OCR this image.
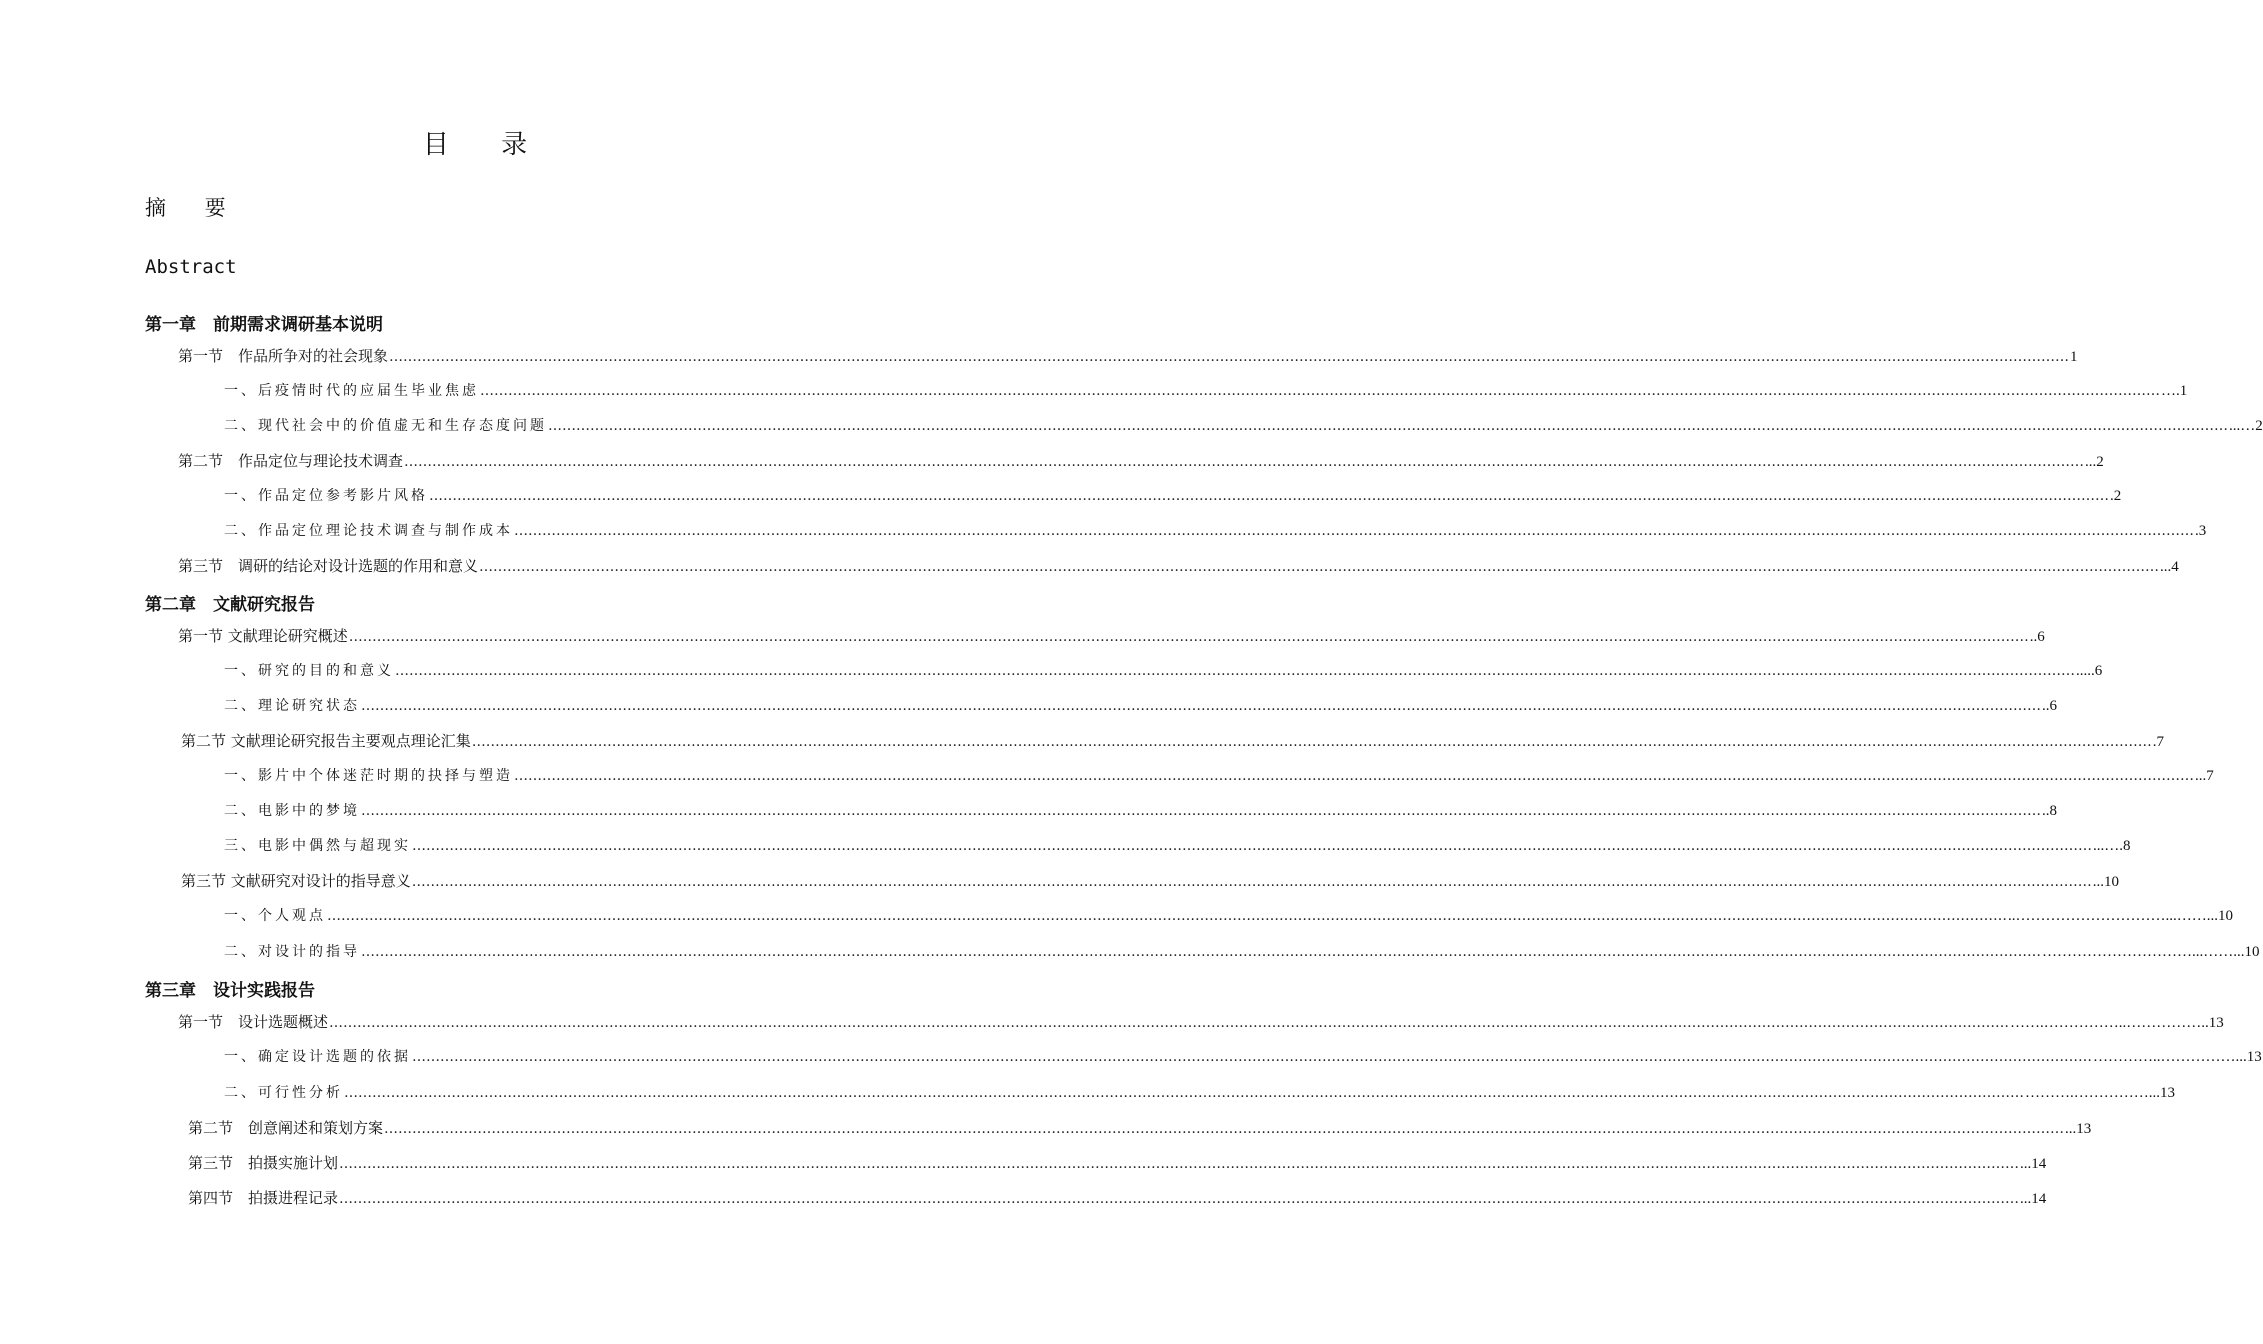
目 录
摘 要
Abstract
第一章　前期需求调研基本说明
第一节　作品所争对的社会现象 ……………………………………………………………………………………………………………………………………………………………………………………………………………………………………………………………………………………………………………………………… 1
一、后疫情时代的应届生毕业焦虑 ……………………………………………………………………………………………………………………………………………………………………………………………………………………………………………………………………………………………………………………………… ….1
二、现代社会中的价值虚无和生存态度问题 ……………………………………………………………………………………………………………………………………………………………………………………………………………………………………………………………………………………………………………………………… ...…2
第二节　作品定位与理论技术调查 ……………………………………………………………………………………………………………………………………………………………………………………………………………………………………………………………………………………………………………………………… ...2
一、作品定位参考影片风格 ……………………………………………………………………………………………………………………………………………………………………………………………………………………………………………………………………………………………………………………………… .2
二、作品定位理论技术调查与制作成本 ……………………………………………………………………………………………………………………………………………………………………………………………………………………………………………………………………………………………………………………………… .3
第三节　调研的结论对设计选题的作用和意义 ……………………………………………………………………………………………………………………………………………………………………………………………………………………………………………………………………………………………………………………………… ...4
第二章　文献研究报告
第一节 文献理论研究概述 ……………………………………………………………………………………………………………………………………………………………………………………………………………………………………………………………………………………………………………………………… ..6
一、研究的目的和意义 ……………………………………………………………………………………………………………………………………………………………………………………………………………………………………………………………………………………………………………………………… .....6
二、理论研究状态 ……………………………………………………………………………………………………………………………………………………………………………………………………………………………………………………………………………………………………………………………… ..6
第二节 文献理论研究报告主要观点理论汇集 ……………………………………………………………………………………………………………………………………………………………………………………………………………………………………………………………………………………………………………………………… .7
一、影片中个体迷茫时期的抉择与塑造 ……………………………………………………………………………………………………………………………………………………………………………………………………………………………………………………………………………………………………………………………… ...7
二、电影中的梦境 ……………………………………………………………………………………………………………………………………………………………………………………………………………………………………………………………………………………………………………………………… ..8
三、电影中偶然与超现实 ……………………………………………………………………………………………………………………………………………………………………………………………………………………………………………………………………………………………………………………………… ...….8
第三节 文献研究对设计的指导意义 ……………………………………………………………………………………………………………………………………………………………………………………………………………………………………………………………………………………………………………………………… ...10
一、个人观点 ……………………………………………………………………………………………………………………………………………………………………………………………………………………………………………………………………………………………………………………………… ..…………………………...……...10
二、对设计的指导 ……………………………………………………………………………………………………………………………………………………………………………………………………………………………………………………………………………………………………………………………… …………………………...……...10
第三章　设计实践报告
第一节　设计选题概述 ……………………………………………………………………………………………………………………………………………………………………………………………………………………………………………………………………………………………………………………………… …….……………..……………..13
一、确定设计选题的依据 ……………………………………………………………………………………………………………………………………………………………………………………………………………………………………………………………………………………………………………………………… …………..……………...13
二、可行性分析 ……………………………………………………………………………………………………………………………………………………………………………………………………………………………………………………………………………………………………………………………… ……….……………...13
第二节　创意阐述和策划方案 ……………………………………………………………………………………………………………………………………………………………………………………………………………………………………………………………………………………………………………………………… ...13
第三节　拍摄实施计划 ……………………………………………………………………………………………………………………………………………………………………………………………………………………………………………………………………………………………………………………………… ...14
第四节　拍摄进程记录 ……………………………………………………………………………………………………………………………………………………………………………………………………………………………………………………………………………………………………………………………… ...14
